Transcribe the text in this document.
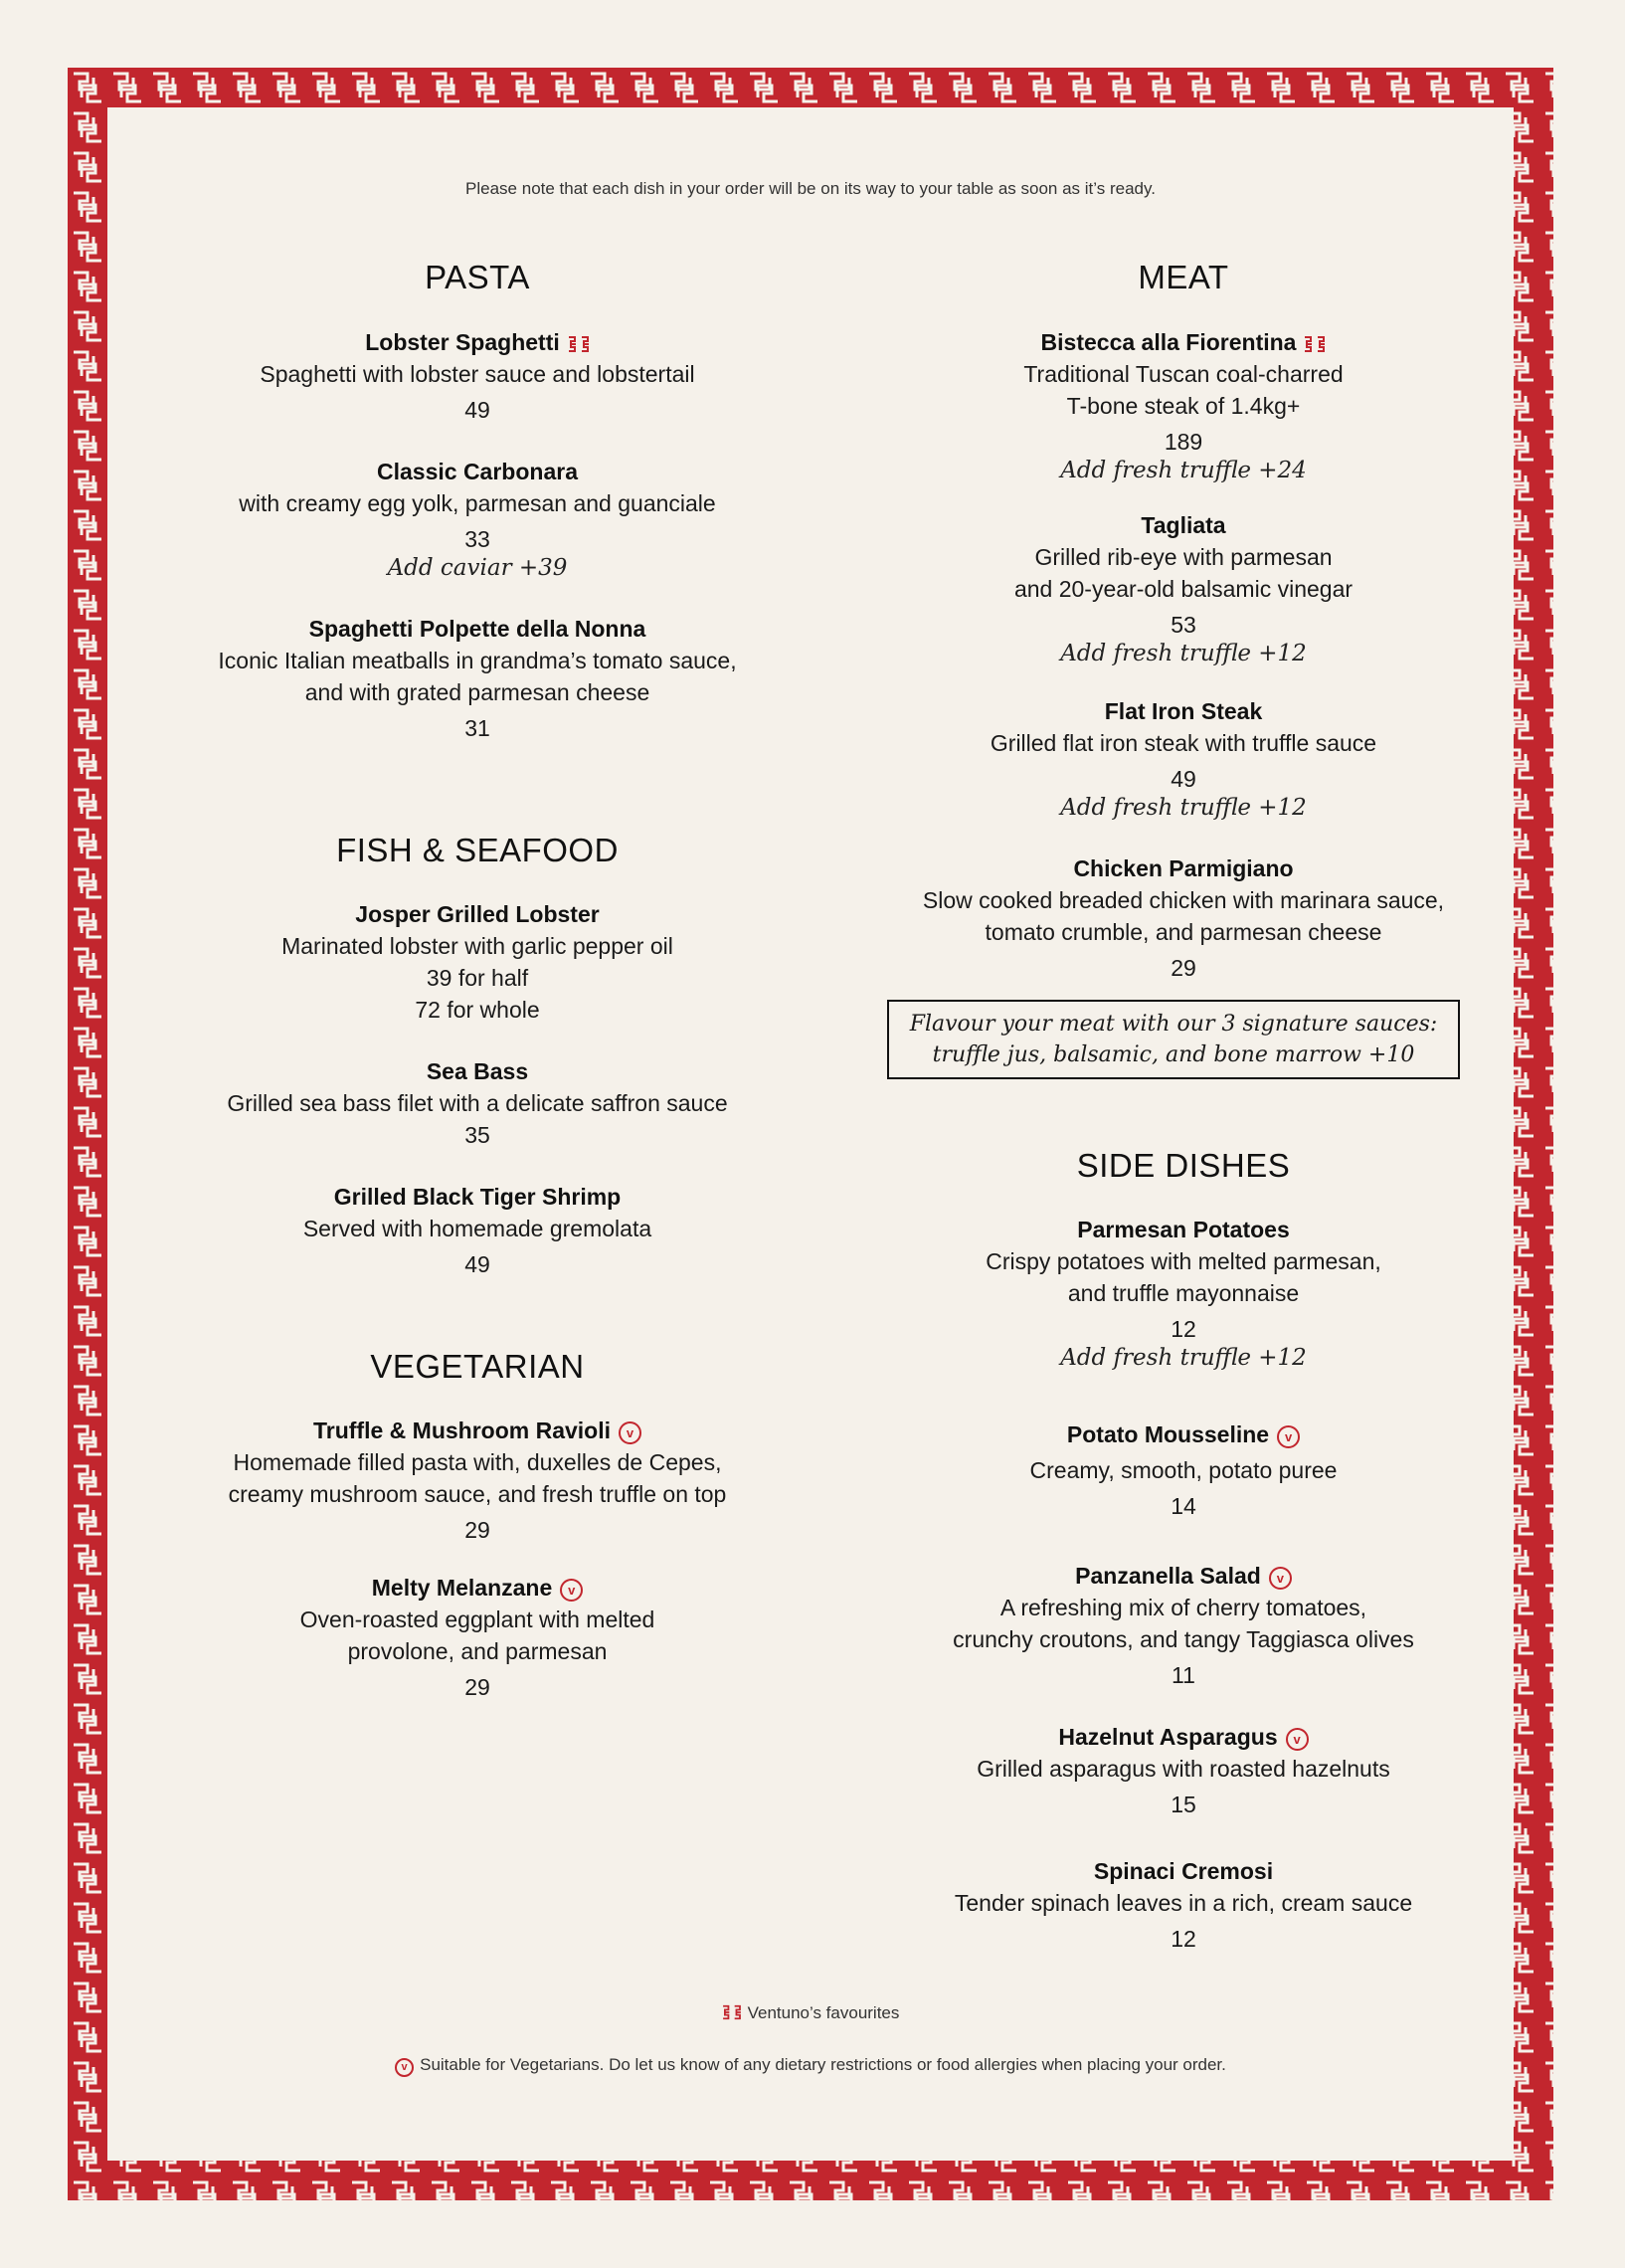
Please note that each dish in your order will be on its way to your table as soon as it’s ready.
PASTA
Lobster Spaghetti
Spaghetti with lobster sauce and lobstertail
49
Classic Carbonara
with creamy egg yolk, parmesan and guanciale
33
Add caviar +39
Spaghetti Polpette della Nonna
Iconic Italian meatballs in grandma’s tomato sauce,
and with grated parmesan cheese
31
FISH & SEAFOOD
Josper Grilled Lobster
Marinated lobster with garlic pepper oil
39 for half
72 for whole
Sea Bass
Grilled sea bass filet with a delicate saffron sauce
35
Grilled Black Tiger Shrimp
Served with homemade gremolata
49
VEGETARIAN
Truffle & Mushroom Ravioli v
Homemade filled pasta with, duxelles de Cepes,
creamy mushroom sauce, and fresh truffle on top
29
Melty Melanzane v
Oven-roasted eggplant with melted
provolone, and parmesan
29
MEAT
Bistecca alla Fiorentina
Traditional Tuscan coal-charred
T-bone steak of 1.4kg+
189
Add fresh truffle +24
Tagliata
Grilled rib-eye with parmesan
and 20-year-old balsamic vinegar
53
Add fresh truffle +12
Flat Iron Steak
Grilled flat iron steak with truffle sauce
49
Add fresh truffle +12
Chicken Parmigiano
Slow cooked breaded chicken with marinara sauce,
tomato crumble, and parmesan cheese
29
Flavour your meat with our 3 signature sauces:
truffle jus, balsamic, and bone marrow +10
SIDE DISHES
Parmesan Potatoes
Crispy potatoes with melted parmesan,
and truffle mayonnaise
12
Add fresh truffle +12
Potato Mousseline v
Creamy, smooth, potato puree
14
Panzanella Salad v
A refreshing mix of cherry tomatoes,
crunchy croutons, and tangy Taggiasca olives
11
Hazelnut Asparagus v
Grilled asparagus with roasted hazelnuts
15
Spinaci Cremosi
Tender spinach leaves in a rich, cream sauce
12
Ventuno’s favourites
v Suitable for Vegetarians. Do let us know of any dietary restrictions or food allergies when placing your order.
